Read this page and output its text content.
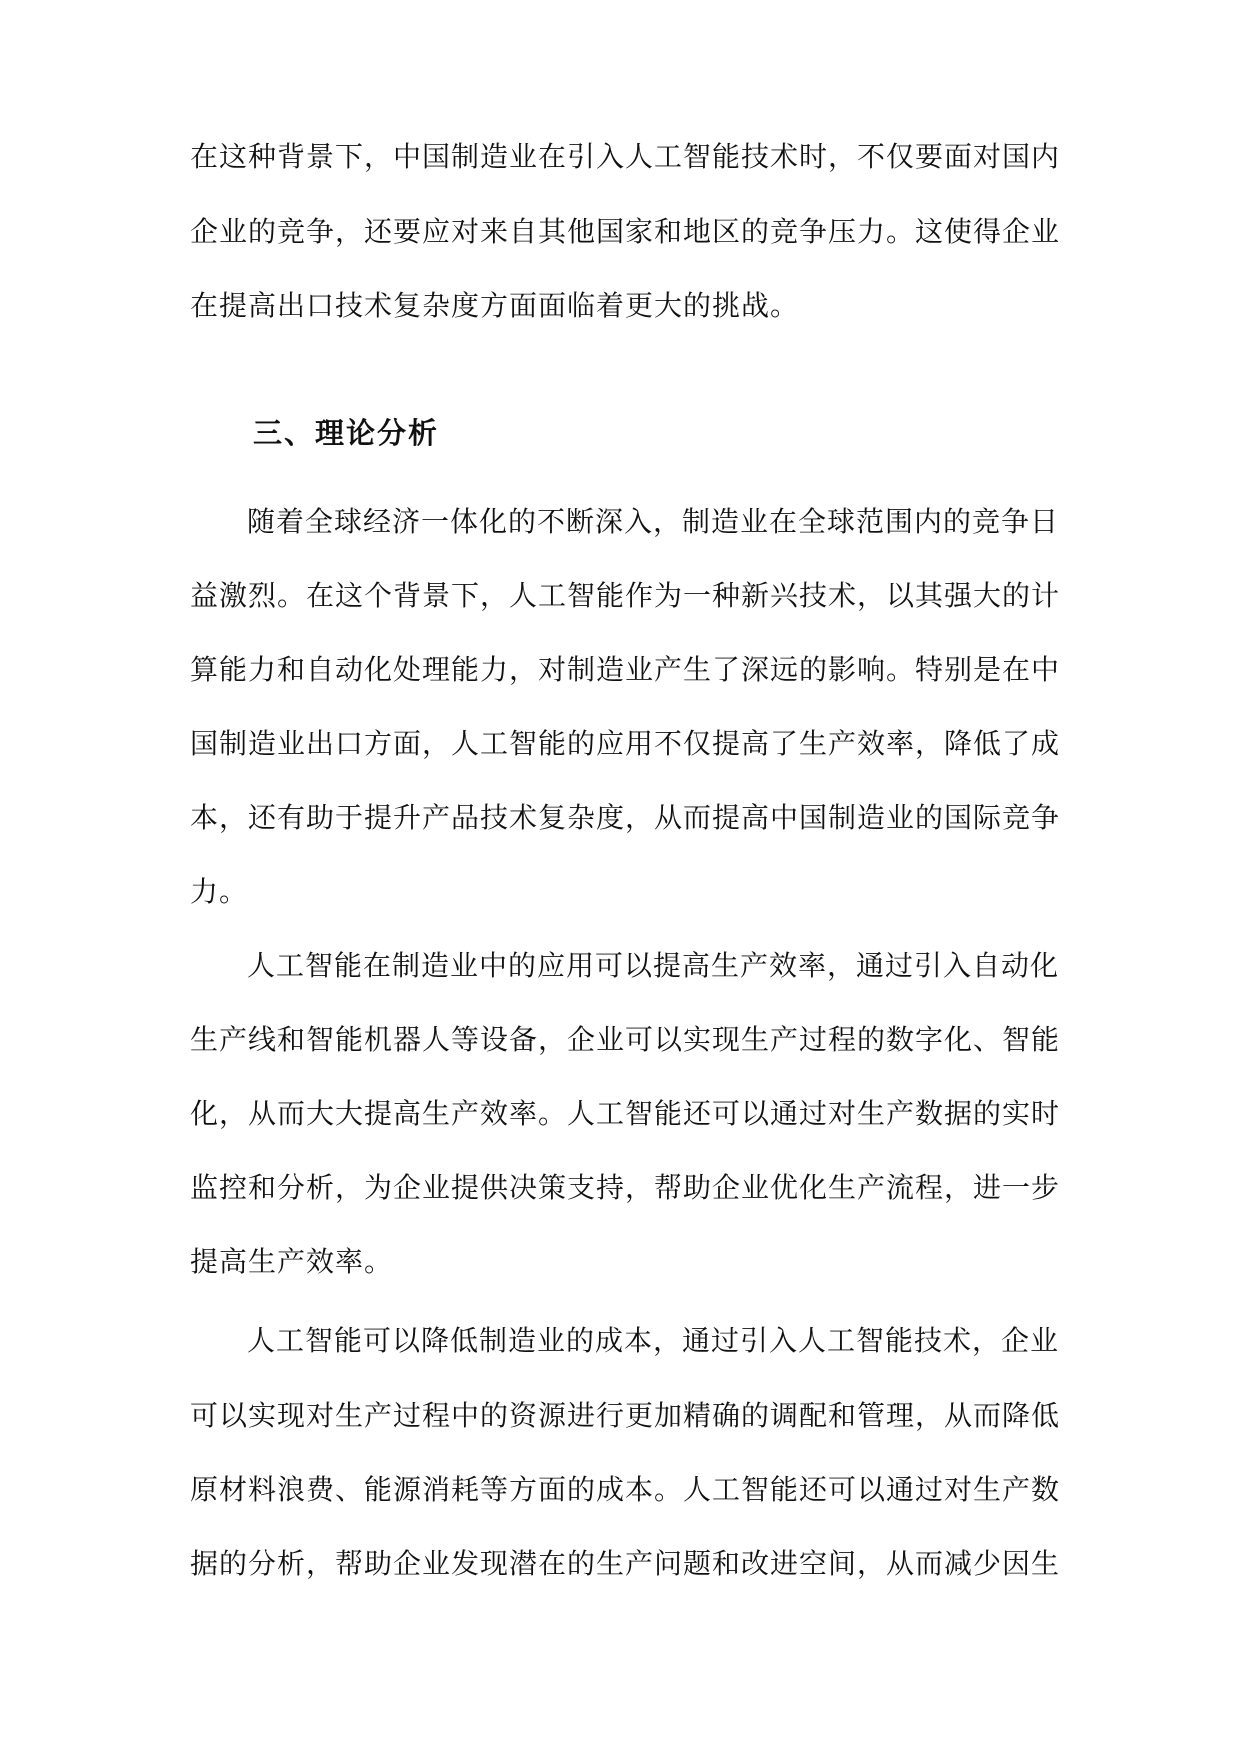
在这种背景下，中国制造业在引入人工智能技术时，不仅要面对国内
企业的竞争，还要应对来自其他国家和地区的竞争压力。这使得企业
在提高出口技术复杂度方面面临着更大的挑战。
三、理论分析
随着全球经济一体化的不断深入，制造业在全球范围内的竞争日
益激烈。在这个背景下，人工智能作为一种新兴技术，以其强大的计
算能力和自动化处理能力，对制造业产生了深远的影响。特别是在中
国制造业出口方面，人工智能的应用不仅提高了生产效率，降低了成
本，还有助于提升产品技术复杂度，从而提高中国制造业的国际竞争
力。
人工智能在制造业中的应用可以提高生产效率，通过引入自动化
生产线和智能机器人等设备，企业可以实现生产过程的数字化、智能
化，从而大大提高生产效率。人工智能还可以通过对生产数据的实时
监控和分析，为企业提供决策支持，帮助企业优化生产流程，进一步
提高生产效率。
人工智能可以降低制造业的成本，通过引入人工智能技术，企业
可以实现对生产过程中的资源进行更加精确的调配和管理，从而降低
原材料浪费、能源消耗等方面的成本。人工智能还可以通过对生产数
据的分析，帮助企业发现潜在的生产问题和改进空间，从而减少因生
